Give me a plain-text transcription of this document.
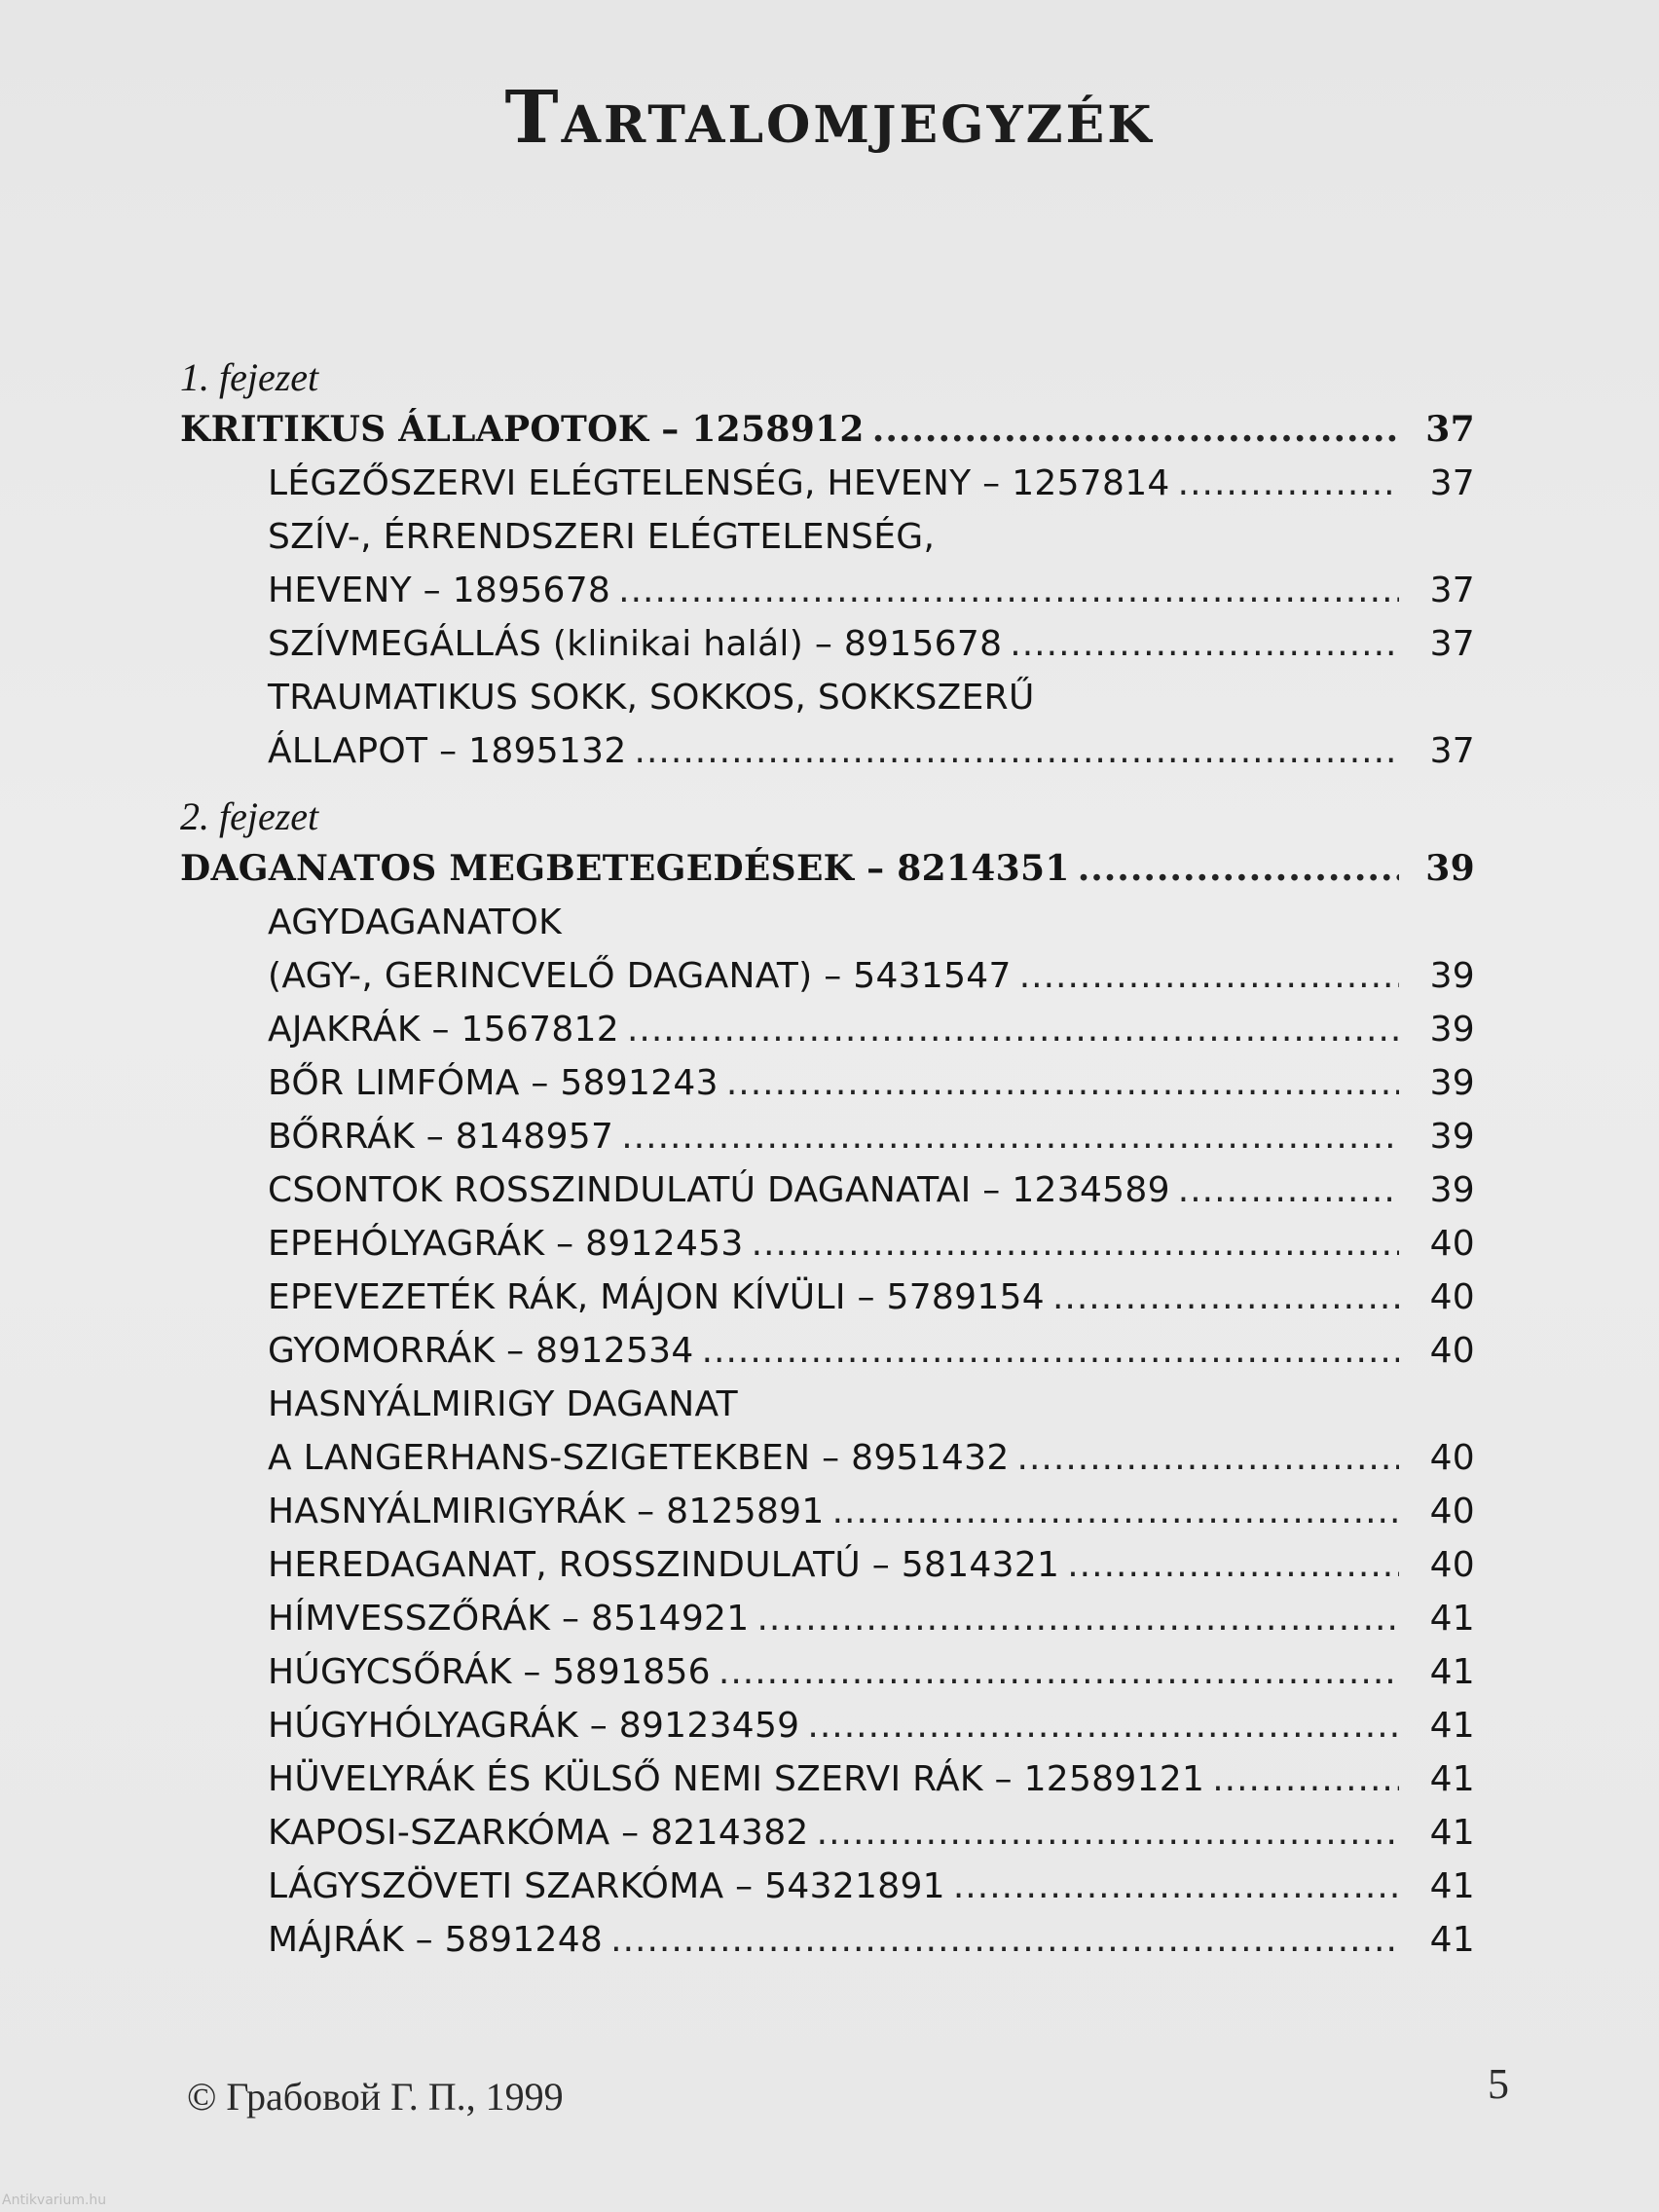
Tartalomjegyzék
1. fejezet
KRITIKUS ÁLLAPOTOK – 1258912 .....	37
LÉGZŐSZERVI ELÉGTELENSÉG, HEVENY – 1257814 .....	37
SZÍV-, ÉRRENDSZERI ELÉGTELENSÉG,
HEVENY – 1895678 .....	37
SZÍVMEGÁLLÁS (klinikai halál) – 8915678 .....	37
TRAUMATIKUS SOKK, SOKKOS, SOKKSZERŰ
ÁLLAPOT – 1895132 .....	37
2. fejezet
DAGANATOS MEGBETEGEDÉSEK – 8214351 .....	39
AGYDAGANATOK
(AGY-, GERINCVELŐ DAGANAT) – 5431547 .....	39
AJAKRÁK – 1567812 .....	39
BŐR LIMFÓMA – 5891243 .....	39
BŐRRÁK – 8148957 .....	39
CSONTOK ROSSZINDULATÚ DAGANATAI – 1234589 .....	39
EPEHÓLYAGRÁK – 8912453 .....	40
EPEVEZETÉK RÁK, MÁJON KÍVÜLI – 5789154 .....	40
GYOMORRÁK – 8912534 .....	40
HASNYÁLMIRIGY DAGANAT
A LANGERHANS-SZIGETEKBEN – 8951432 .....	40
HASNYÁLMIRIGYRÁK – 8125891 .....	40
HEREDAGANAT, ROSSZINDULATÚ – 5814321 .....	40
HÍMVESSZŐRÁK – 8514921 .....	41
HÚGYCSŐRÁK – 5891856 .....	41
HÚGYHÓLYAGRÁK – 89123459 .....	41
HÜVELYRÁK ÉS KÜLSŐ NEMI SZERVI RÁK – 12589121 .....	41
KAPOSI-SZARKÓMA – 8214382 .....	41
LÁGYSZÖVETI SZARKÓMA – 54321891 .....	41
MÁJRÁK – 5891248 .....	41
© Грабовой Г. П., 1999	5
Antikvarium.hu
